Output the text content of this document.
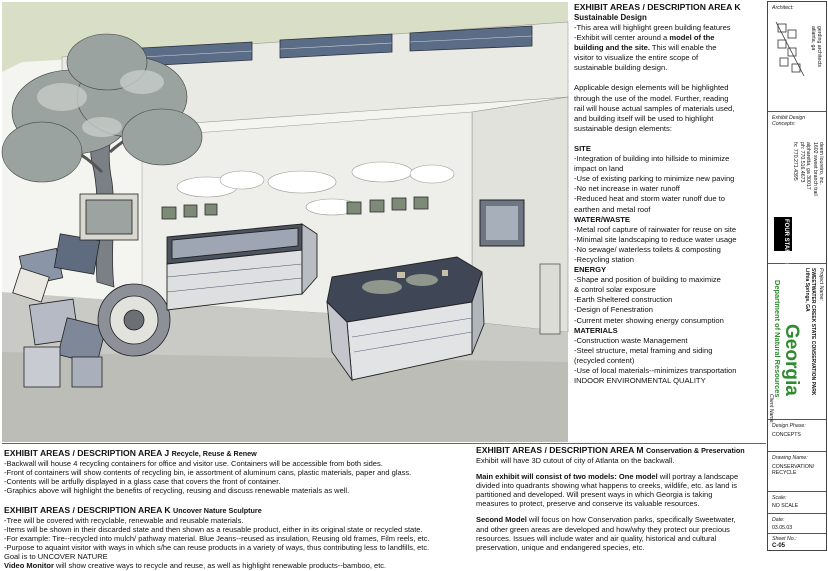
EXHIBIT AREAS / DESCRIPTION AREA K
Sustainable Design

-This area will highlight green building features

-Exhibit will center around a model of the

building and the site. This will enable the

visitor to visualize the entire scope of

sustainable building design.

Applicable design elements will be highlighted

through the use of the model. Further, reading

rail will house actual samples of materials used,

and building itself will be used to highlight

sustainable design elements:

SITE

-Integration of building into hillside to minimize

impact on land

-Use of existing parking to minimize new paving

-No net increase in water runoff

-Reduced heat and storm water runoff due to

earthen and metal roof

WATER/WASTE

-Metal roof capture of rainwater for reuse on site

-Minimal site landscaping to reduce water usage

-No sewage/ waterless toilets & composting

-Recycling station

ENERGY

-Shape and position of building to maximize

& control solar exposure

-Earth Sheltered construction

-Design of Fenestration

-Current meter showing energy consumption

MATERIALS

-Construction waste Management

-Steel structure, metal framing and siding

(recycled content)

-Use of local materials--minimizes transportation

INDOOR ENVIRONMENTAL QUALITY

Architect:
gerding architects
atlanta, ga
Exhibit Design Concepts:
deem loureiro, inc.
1602 sweet branch trail
alpharetta, ga 30017
ph: 770.516.4673
fx: 770.271.4395
FOUR STAR PRO
Project Name:
SWEETWATER CREEK STATE CONSERVATION PARK
Lithia Springs, GA
Georgia
Department of Natural Resources
Client Name:
Design Phase:
CONCEPTS
Drawing Name:
CONSERVATION/ RECYCLE
Scale:
NO SCALE
Date:
03.05.03
Sheet No.:
C-05
EXHIBIT AREAS / DESCRIPTION AREA J Recycle, Reuse & Renew

-Backwall will house 4 recycling containers for office and visitor use. Containers will be accessible from both sides.

-Front of containers will show contents of recycling bin, ie assortment of aluminum cans, plastic materials, paper and glass.

-Contents will be artfully displayed in a glass case that covers the front of container.

-Graphics above will highlight the benefits of recycling, reusing and discuss renewable materials as well.

EXHIBIT AREAS / DESCRIPTION AREA K Uncover Nature Sculpture

-Tree will be covered with recyclable, renewable and reusable materials.

-Items will be shown in their discarded state and then shown as a reusable product, either in its original state or recycled state.

-For example: Tire--recycled into mulch/ pathway material. Blue Jeans--reused as insulation, Reusing old frames, Film reels, etc.

-Purpose to aquaint visitor with ways in which s/he can reuse products in a variety of ways, thus contributing less to landfills, etc.

Goal is to UNCOVER NATURE

Video Monitor will show creative ways to recycle and reuse, as well as highlight renewable products--bamboo, etc.

EXHIBIT AREAS / DESCRIPTION AREA M Conservation & Preservation

Exhibit will have 3D cutout of city of Atlanta on the backwall.

Main exhibit will consist of two models: One model will portray a landscape

divided into quadrants showing what happens to creeks, wildlife, etc. as land is

partitioned and developed. Will present ways in which Georgia is taking

measures to protect, preserve and conserve its valuable resources.

Second Model will focus on how Conservation parks, specifically Sweetwater,

and other green areas are developed and how/why they protect our precious

resources. Issues will include water and air quality, historical and cultural

preservation, unique and endangered species, etc.
